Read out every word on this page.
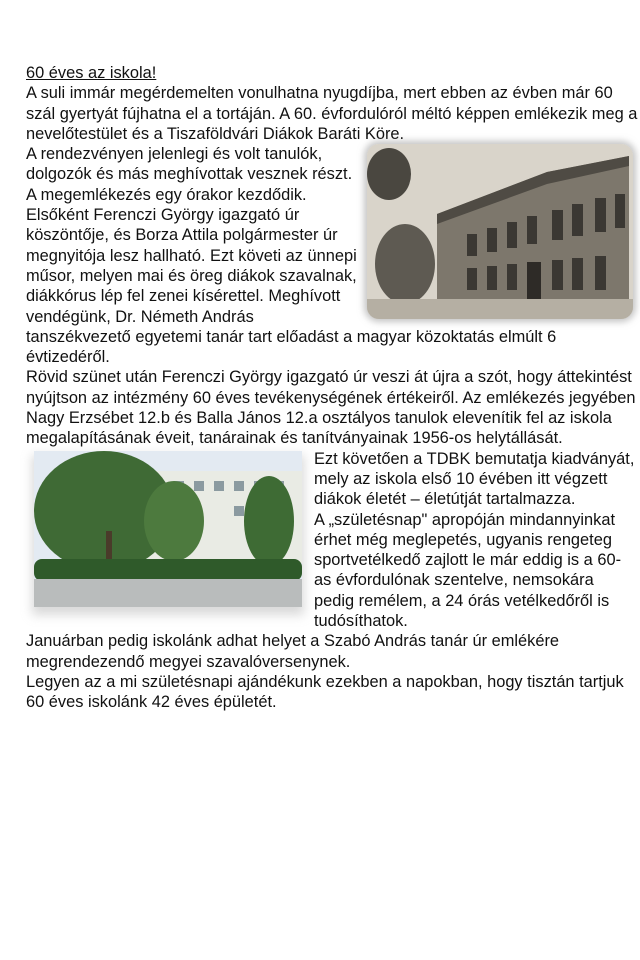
60 éves az iskola!
A suli immár megérdemelten vonulhatna nyugdíjba, mert ebben az évben már 60 szál gyertyát fújhatna el a tortáján. A 60. évfordulóról méltó képpen emlékezik meg a nevelőtestület és a Tiszaföldvári Diákok Baráti Köre.
A rendezvényen jelenlegi és volt tanulók, dolgozók és más meghívottak vesznek részt.
A megemlékezés egy órakor kezdődik.
Elsőként Ferenczi György igazgató úr köszöntője, és Borza Attila polgármester úr megnyitója lesz hallható. Ezt követi az ünnepi műsor, melyen mai és öreg diákok szavalnak, diákkórus lép fel zenei kísérettel. Meghívott vendégünk, Dr. Németh András tanszékvezető egyetemi tanár tart előadást a magyar közoktatás elmúlt 6 évtizedéről.
Rövid szünet után Ferenczi György igazgató úr veszi át újra a szót, hogy áttekintést nyújtson az intézmény 60 éves tevékenységének értékeiről. Az emlékezés jegyében Nagy Erzsébet 12.b és Balla János 12.a osztályos tanulok elevenítik fel az iskola megalapításának éveit, tanárainak és tanítványainak 1956-os helytállását.
Ezt követően a TDBK bemutatja kiadványát, mely az iskola első 10 évében itt végzett diákok életét – életútját tartalmazza.
A „születésnap" apropóján mindannyinkat érhet még meglepetés, ugyanis rengeteg sportvetélkedő zajlott le már eddig is a 60-as évfordulónak szentelve, nemsokára pedig remélem, a 24 órás vetélkedőről is tudósíthatok.
Januárban pedig iskolánk adhat helyet a Szabó András tanár úr emlékére megrendezendő megyei szavalóversenynek.
Legyen az a mi születésnapi ajándékunk ezekben a napokban, hogy tisztán tartjuk 60 éves iskolánk 42 éves épületét.
